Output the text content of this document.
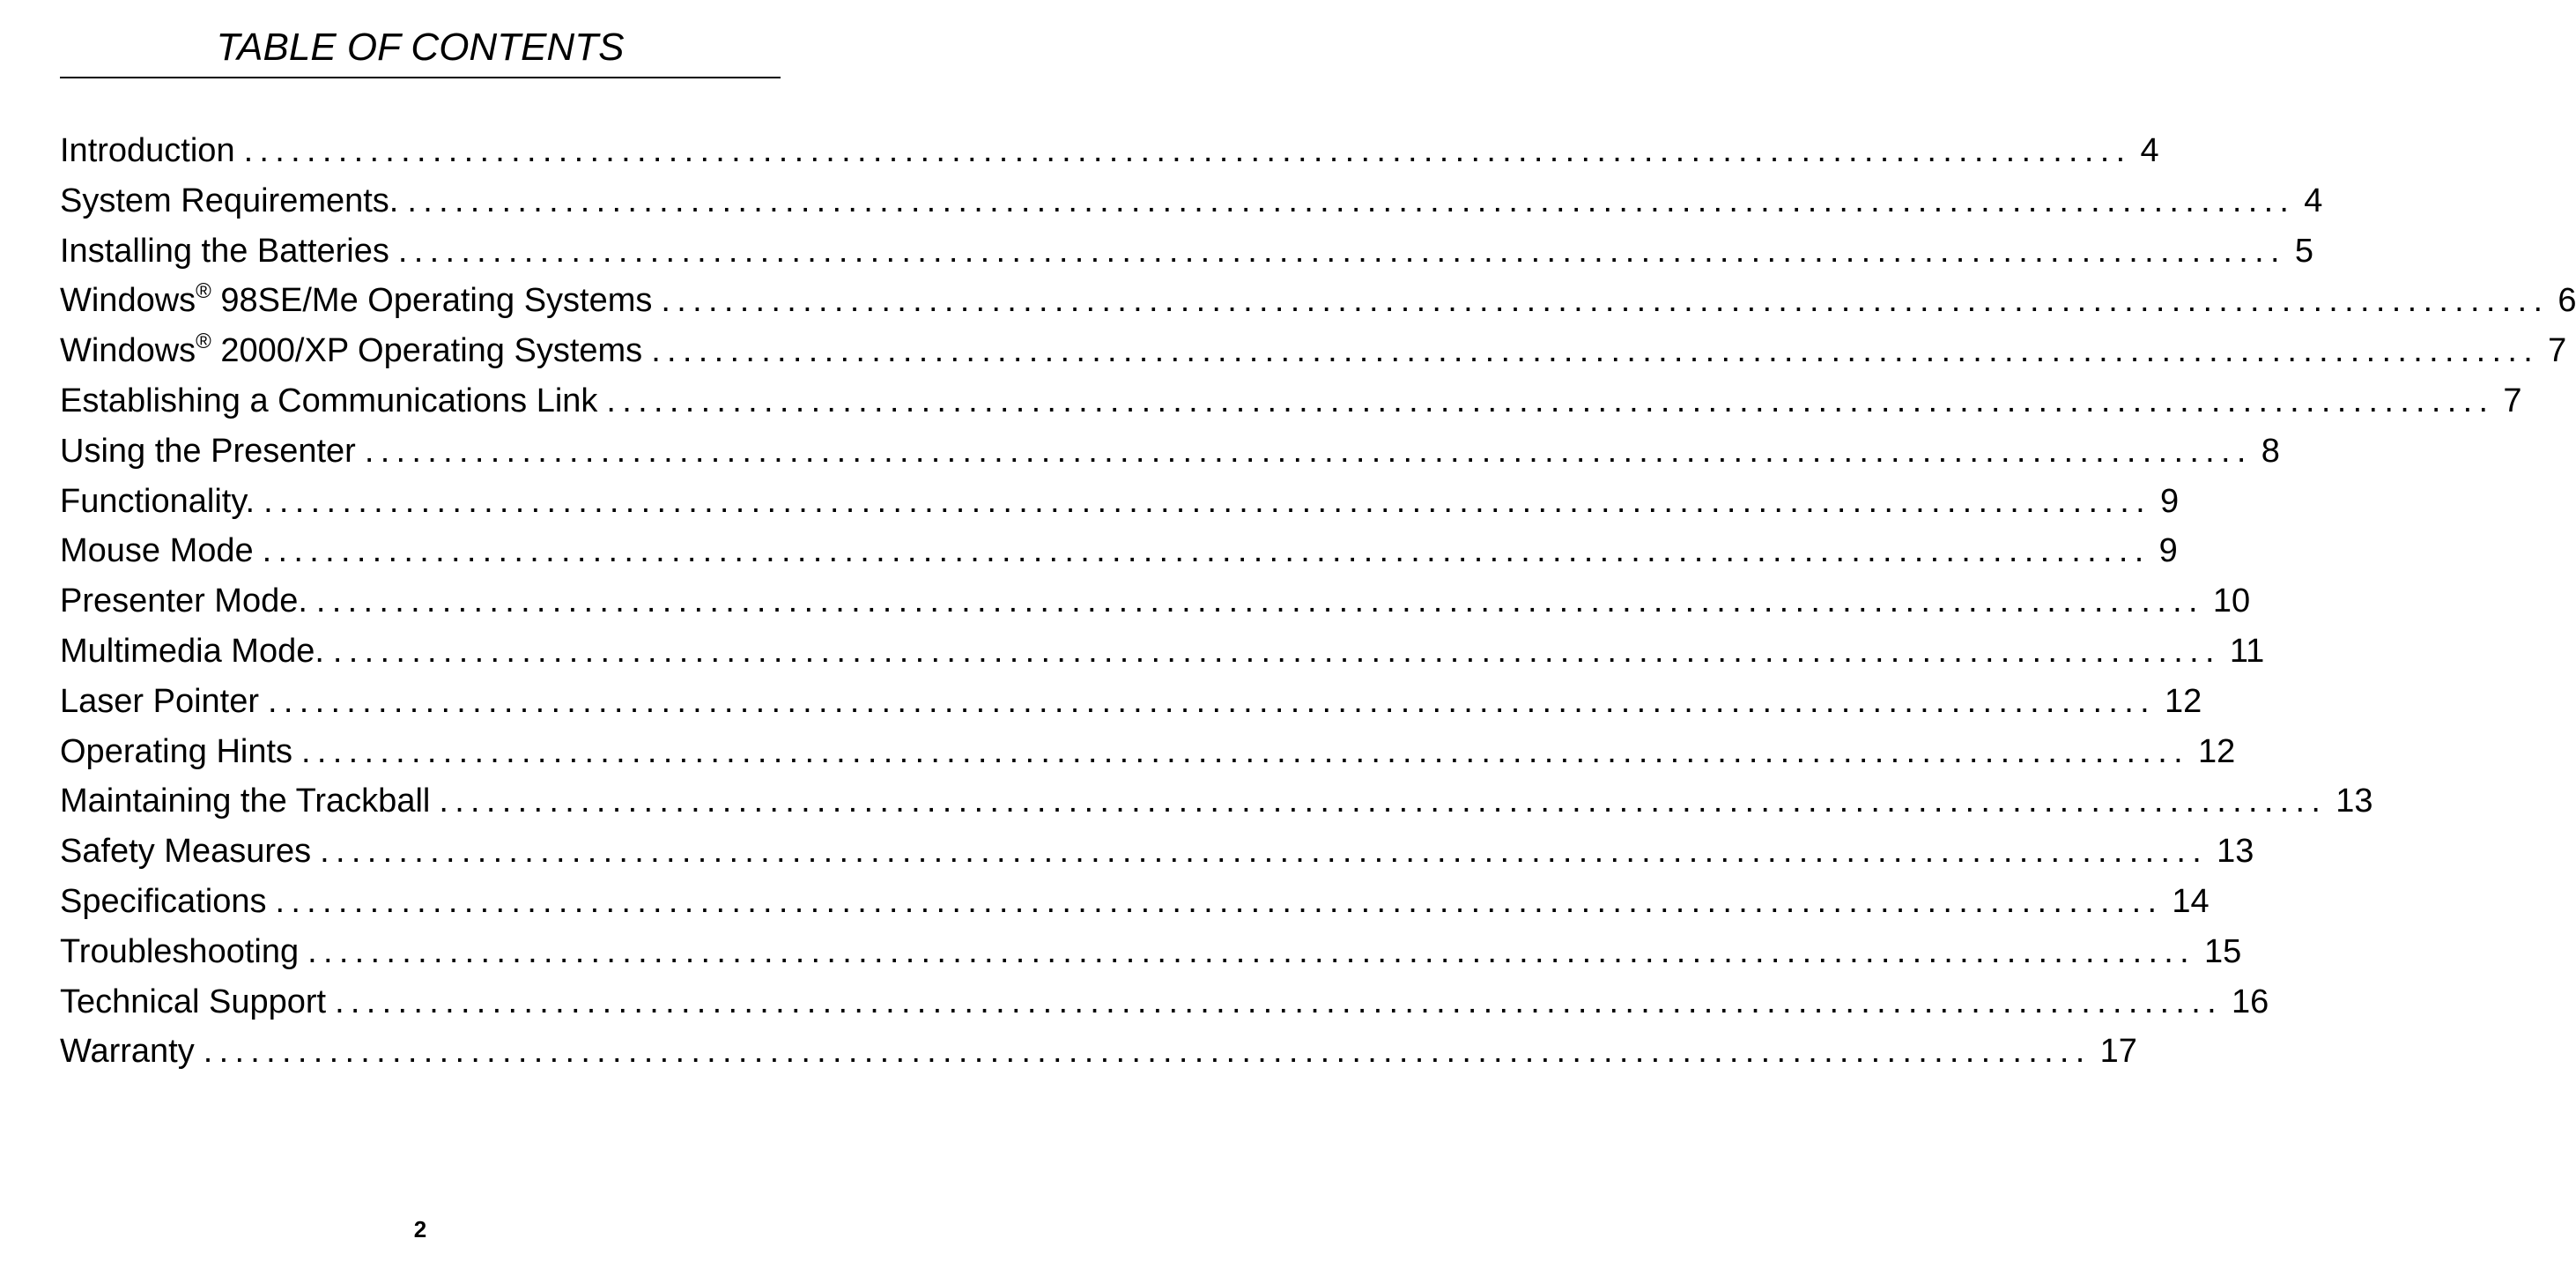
TABLE OF CONTENTS
Introduction ........................................................................................................................ 4
System Requirements. ........................................................................................................................ 4
Installing the Batteries ........................................................................................................................ 5
Windows® 98SE/Me Operating Systems ........................................................................................................................ 6
Windows® 2000/XP Operating Systems ........................................................................................................................ 7
Establishing a Communications Link ........................................................................................................................ 7
Using the Presenter ........................................................................................................................ 8
Functionality. ........................................................................................................................ 9
Mouse Mode ........................................................................................................................ 9
Presenter Mode. ........................................................................................................................ 10
Multimedia Mode. ........................................................................................................................ 11
Laser Pointer ........................................................................................................................ 12
Operating Hints ........................................................................................................................ 12
Maintaining the Trackball ........................................................................................................................ 13
Safety Measures ........................................................................................................................ 13
Specifications ........................................................................................................................ 14
Troubleshooting ........................................................................................................................ 15
Technical Support ........................................................................................................................ 16
Warranty ........................................................................................................................ 17
2
